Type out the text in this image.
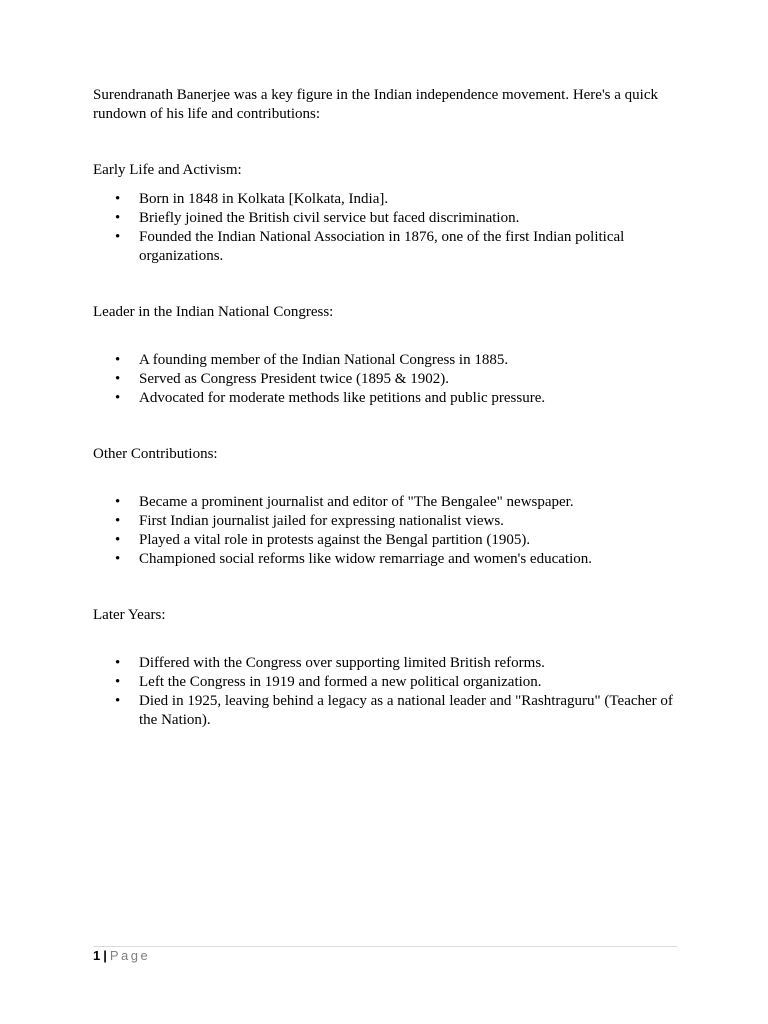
Surendranath Banerjee was a key figure in the Indian independence movement. Here's a quick rundown of his life and contributions:

Early Life and Activism:

• Born in 1848 in Kolkata [Kolkata, India].
• Briefly joined the British civil service but faced discrimination.
• Founded the Indian National Association in 1876, one of the first Indian political organizations.

Leader in the Indian National Congress:

• A founding member of the Indian National Congress in 1885.
• Served as Congress President twice (1895 & 1902).
• Advocated for moderate methods like petitions and public pressure.

Other Contributions:

• Became a prominent journalist and editor of "The Bengalee" newspaper.
• First Indian journalist jailed for expressing nationalist views.
• Played a vital role in protests against the Bengal partition (1905).
• Championed social reforms like widow remarriage and women's education.

Later Years:

• Differed with the Congress over supporting limited British reforms.
• Left the Congress in 1919 and formed a new political organization.
• Died in 1925, leaving behind a legacy as a national leader and "Rashtraguru" (Teacher of the Nation).
1 | Page
